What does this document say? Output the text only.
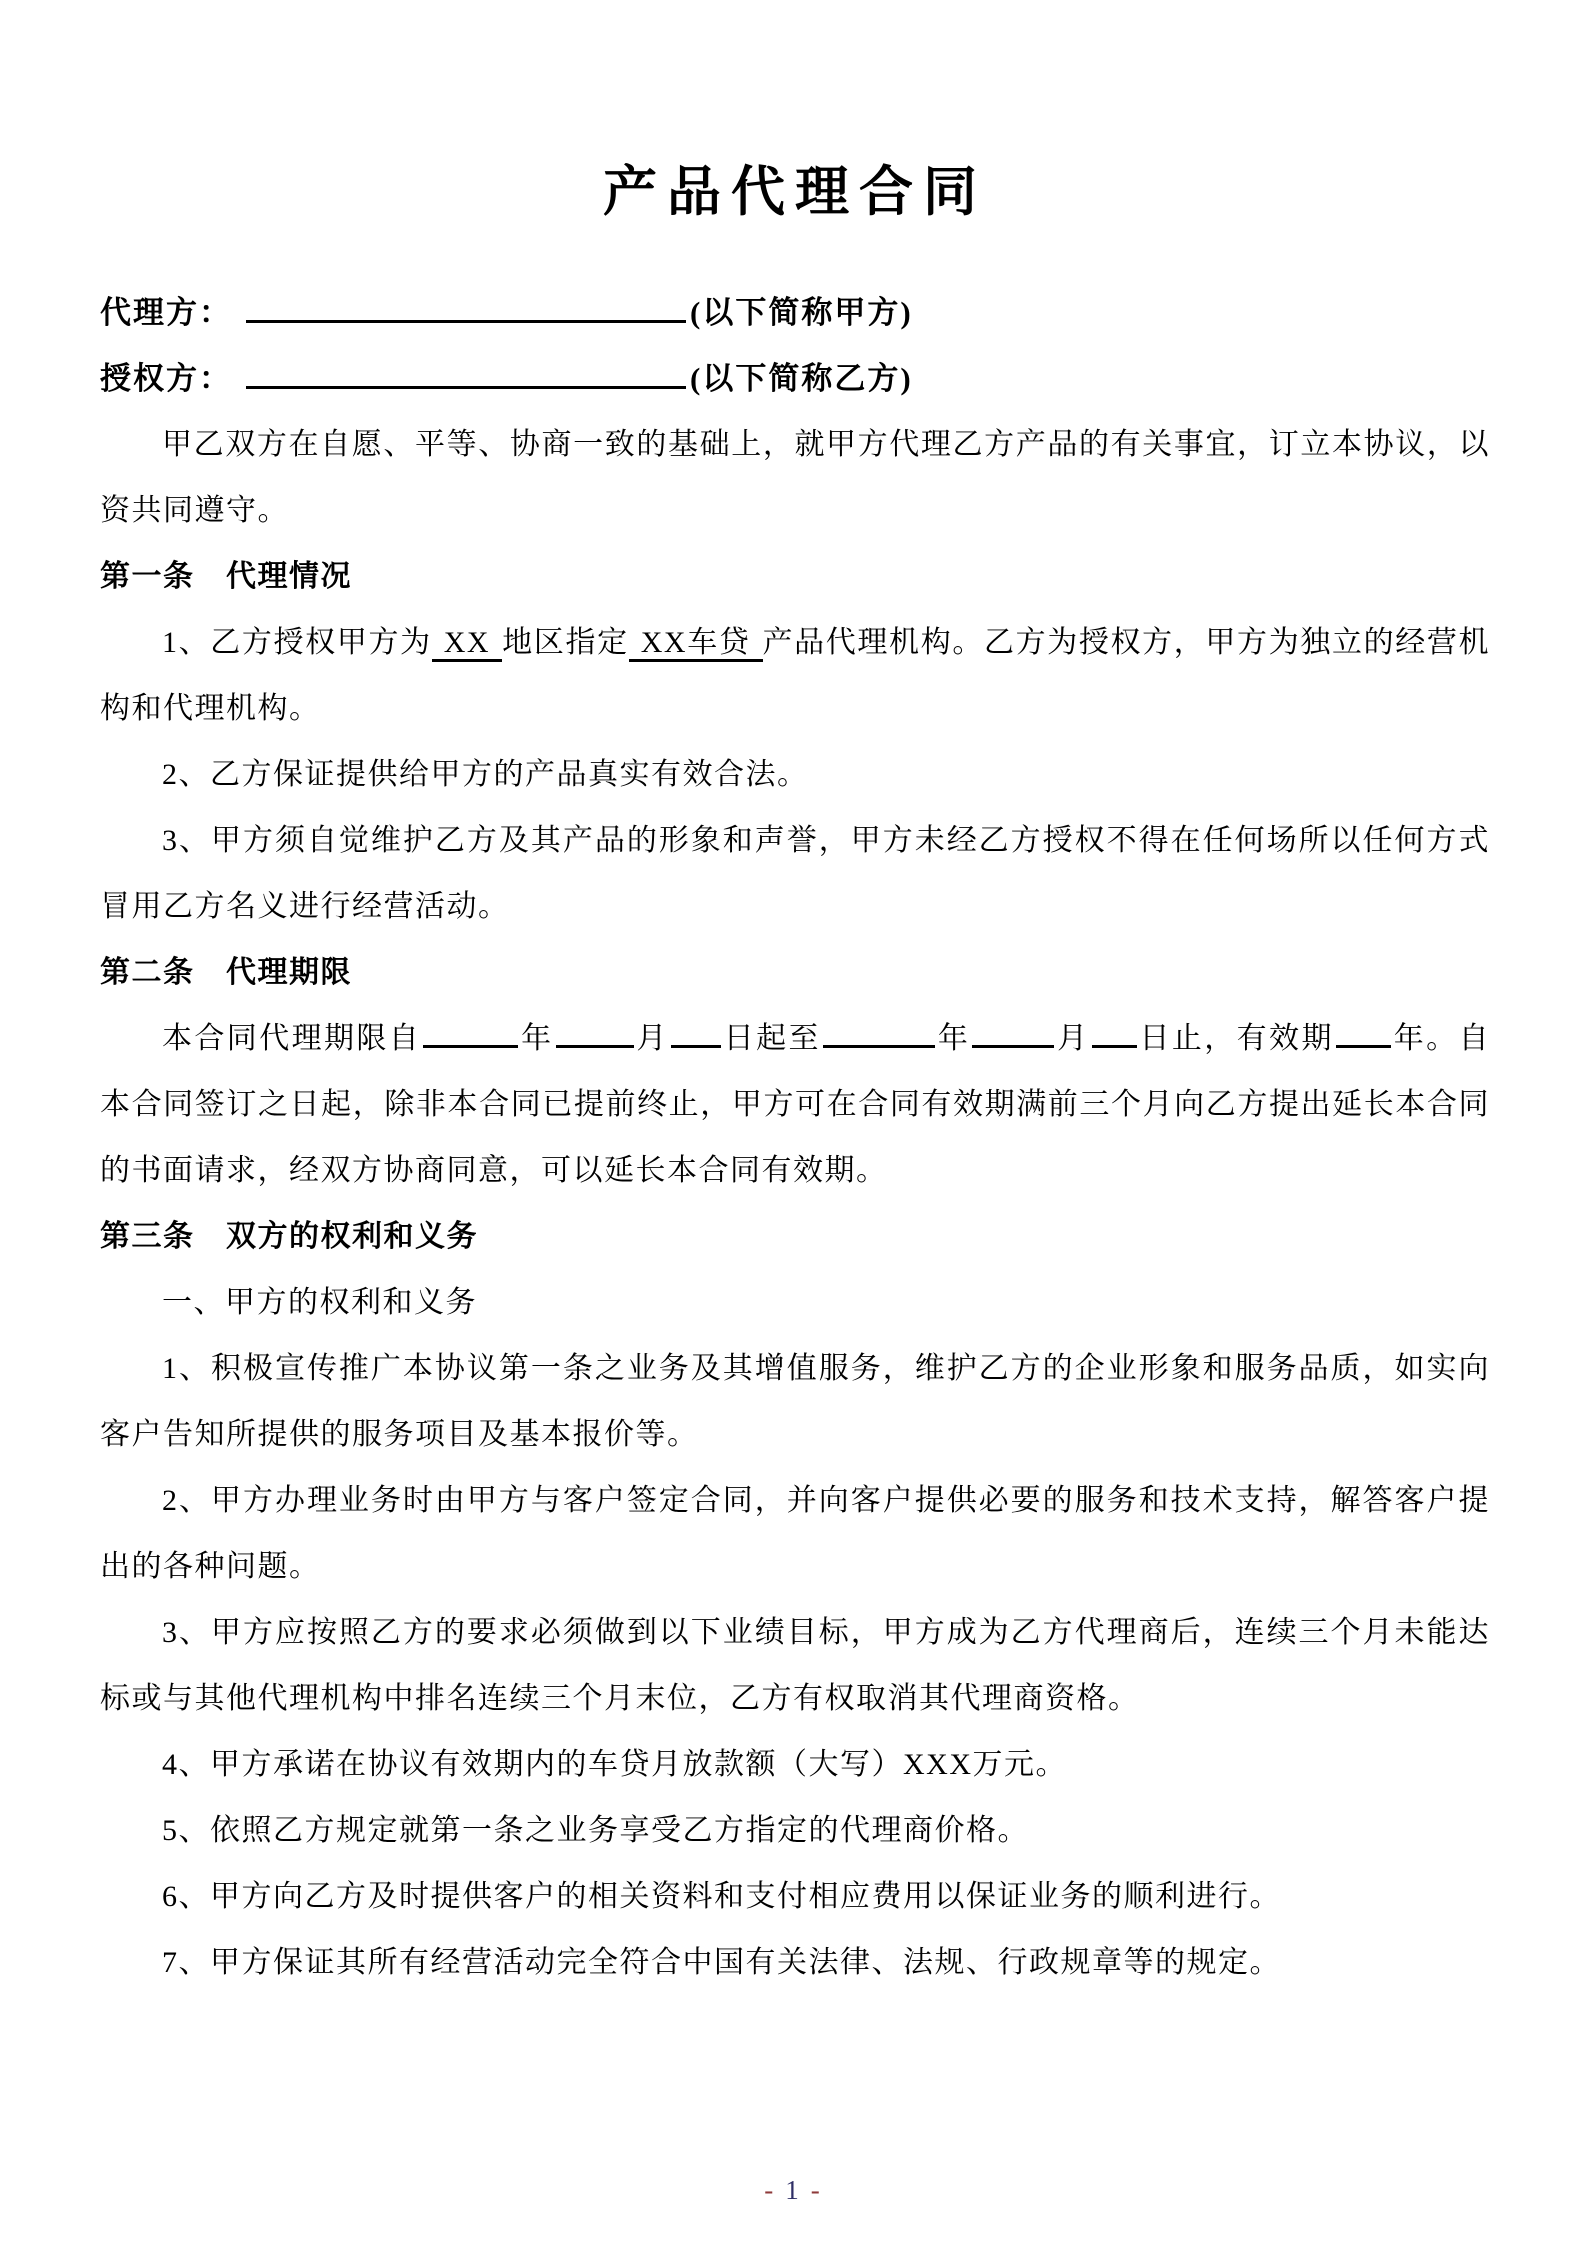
产品代理合同
代理方：	(以下简称甲方)
授权方：	(以下简称乙方)

甲乙双方在自愿、平等、协商一致的基础上，就甲方代理乙方产品的有关事宜，订立本协议，以资共同遵守。

第一条　代理情况

1、乙方授权甲方为 XX 地区指定 XX车贷 产品代理机构。乙方为授权方，甲方为独立的经营机构和代理机构。

2、乙方保证提供给甲方的产品真实有效合法。

3、甲方须自觉维护乙方及其产品的形象和声誉，甲方未经乙方授权不得在任何场所以任何方式冒用乙方名义进行经营活动。

第二条　代理期限

本合同代理期限自	年	月 日起至	年	月 日止，有效期 年。自本合同签订之日起，除非本合同已提前终止，甲方可在合同有效期满前三个月向乙方提出延长本合同的书面请求，经双方协商同意，可以延长本合同有效期。

第三条　双方的权利和义务

一、甲方的权利和义务

1、积极宣传推广本协议第一条之业务及其增值服务，维护乙方的企业形象和服务品质，如实向客户告知所提供的服务项目及基本报价等。

2、甲方办理业务时由甲方与客户签定合同，并向客户提供必要的服务和技术支持，解答客户提出的各种问题。

3、甲方应按照乙方的要求必须做到以下业绩目标，甲方成为乙方代理商后，连续三个月未能达标或与其他代理机构中排名连续三个月末位，乙方有权取消其代理商资格。

4、甲方承诺在协议有效期内的车贷月放款额（大写）XXX万元。

5、依照乙方规定就第一条之业务享受乙方指定的代理商价格。

6、甲方向乙方及时提供客户的相关资料和支付相应费用以保证业务的顺利进行。

7、甲方保证其所有经营活动完全符合中国有关法律、法规、行政规章等的规定。

- 1 -
